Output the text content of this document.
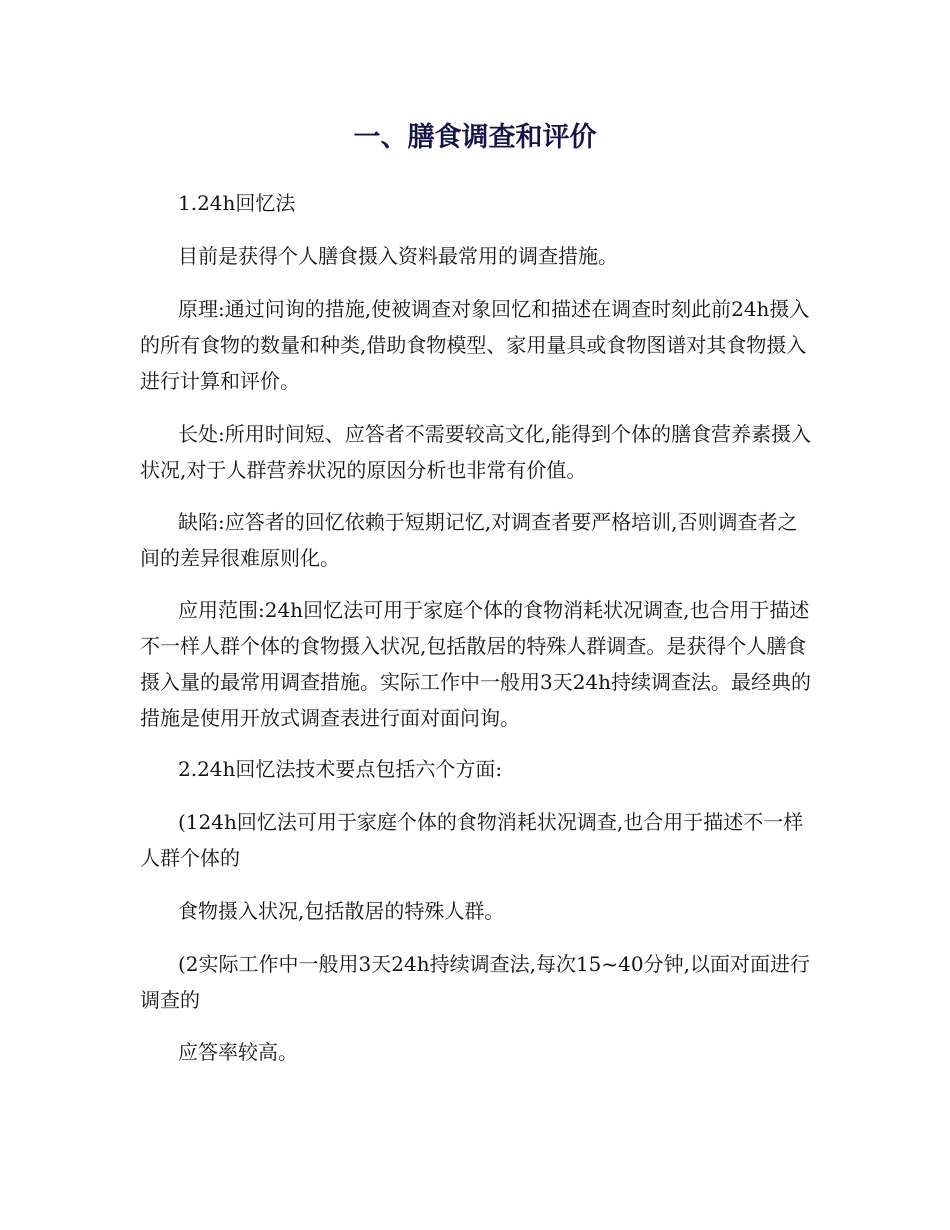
一、膳食调查和评价

1.24h回忆法

目前是获得个人膳食摄入资料最常用的调查措施。

原理:通过问询的措施,使被调查对象回忆和描述在调查时刻此前24h摄入的所有食物的数量和种类,借助食物模型、家用量具或食物图谱对其食物摄入进行计算和评价。

长处:所用时间短、应答者不需要较高文化,能得到个体的膳食营养素摄入状况,对于人群营养状况的原因分析也非常有价值。

缺陷:应答者的回忆依赖于短期记忆,对调查者要严格培训,否则调查者之间的差异很难原则化。

应用范围:24h回忆法可用于家庭个体的食物消耗状况调查,也合用于描述不一样人群个体的食物摄入状况,包括散居的特殊人群调查。是获得个人膳食摄入量的最常用调查措施。实际工作中一般用3天24h持续调查法。最经典的措施是使用开放式调查表进行面对面问询。

2.24h回忆法技术要点包括六个方面:

(124h回忆法可用于家庭个体的食物消耗状况调查,也合用于描述不一样人群个体的

食物摄入状况,包括散居的特殊人群。

(2实际工作中一般用3天24h持续调查法,每次15~40分钟,以面对面进行调查的

应答率较高。
